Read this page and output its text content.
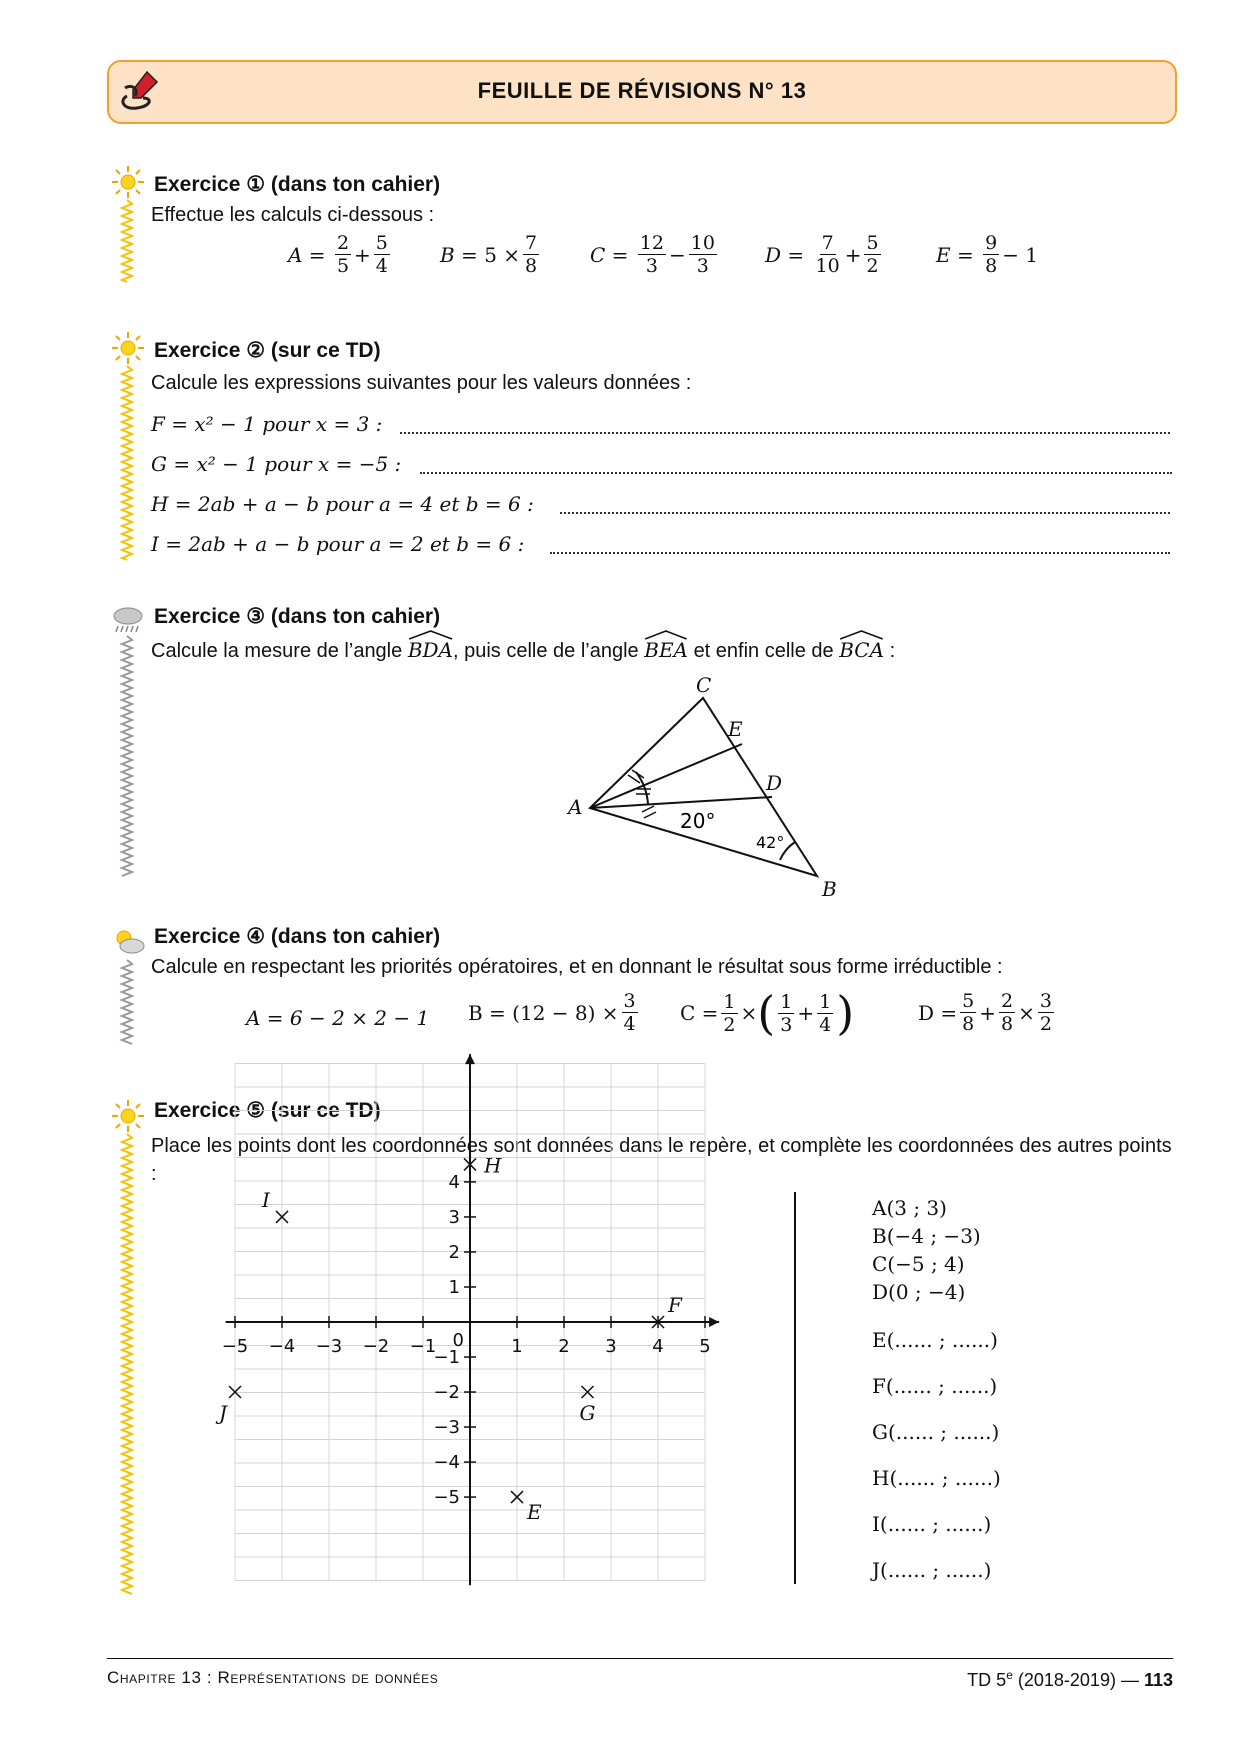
FEUILLE DE RÉVISIONS N° 13
Exercice ① (dans ton cahier)
Effectue les calculs ci-dessous :
$A = \frac{2}{5} + \frac{5}{4}$	$B = 5 \times \frac{7}{8}$	$C = \frac{12}{3} - \frac{10}{3}$ $D = \frac{7}{10} + \frac{5}{2}$	$E = \frac{9}{8} - 1$
Exercice ② (sur ce TD)
Calcule les expressions suivantes pour les valeurs données :
F = x² − 1 pour x = 3 :
G = x² − 1 pour x = −5 :
H = 2ab + a − b pour a = 4 et b = 6 :
I = 2ab + a − b pour a = 2 et b = 6 :
Exercice ③ (dans ton cahier)
Calcule la mesure de l’angle BDA
, puis celle de l’angle BEA et enfin celle de BCA
:
A
B
C
D
E
20°
42°
Exercice ④ (dans ton cahier)
Calcule en respectant les priorités opératoires, et en donnant le résultat sous forme irréductible :
A = 6 − 2 × 2 − 1 $B = (12 - 8) \times \frac{3}{4}$ $C = \frac{1}{2}$ × ( $\frac{1}{3} + \frac{1}{4}$ )	$D = \frac{5}{8} + \frac{2}{8} \times \frac{3}{2}$
Exercice ⑤ (sur ce TD)
Place les points dont les coordonnées sont données dans le repère, et complète les coordonnées des autres points :
−5 −4 −3 −2 −1	1 2 3 4 5
4
3
2
1
−1
−2
−3
−4
−5
0
H
I
F
J	G
E
A(3 ; 3)
B(−4 ; −3)
C(−5 ; 4)
D(0 ; −4)
E(...... ; ......)
F(...... ; ......)
G(...... ; ......)
H(...... ; ......)
I(...... ; ......)
J(...... ; ......)
Chapitre 13 : Représentations de données	TD 5e (2018-2019) — 113
